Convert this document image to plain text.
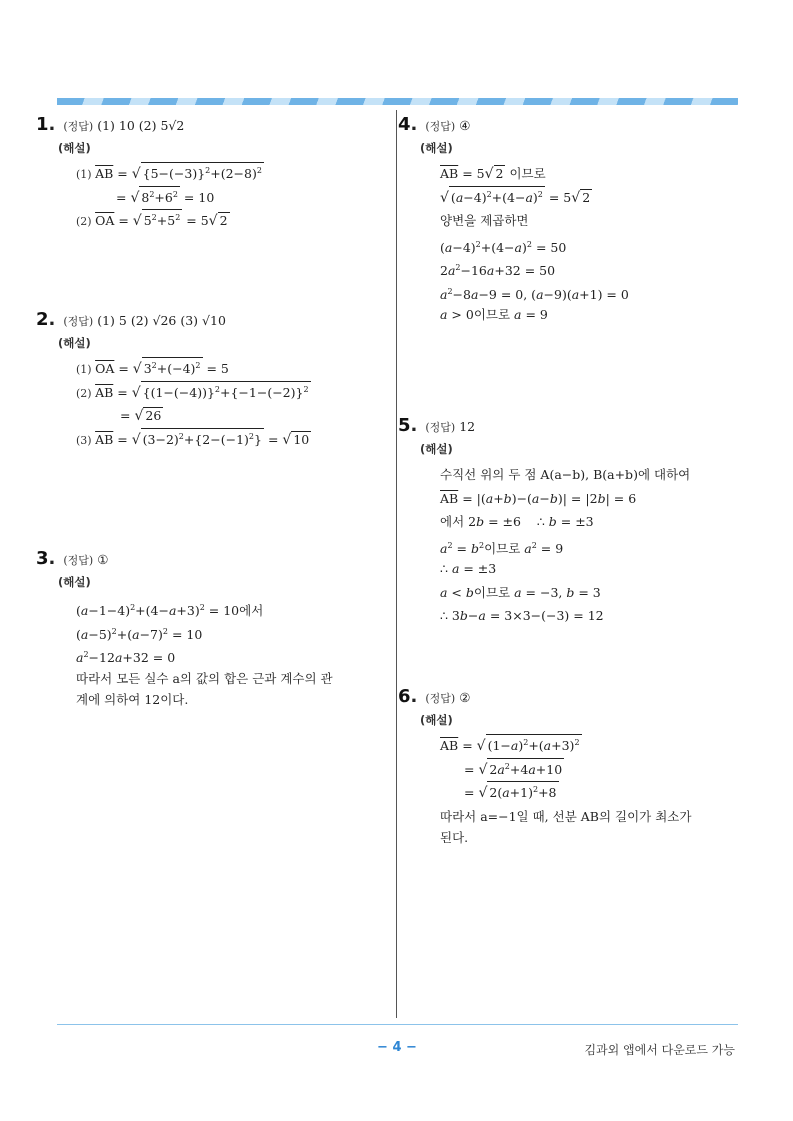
1 . (정답) (1) 10 (2) 5√2
(해설)
(1) $\overline{AB}$ = √ $\{5-(-3)\}^2+(2-8)^2$
= √ $8^2+6^2 = 10$
(2) $\overline{OA}$ = √ $5^2+5^2 = 5√$ 2
2 . (정답) (1) 5 (2) √26 (3) √10
(해설)
(1) $\overline{OA}$ = √ $3^2+(-4)^2 = 5$
(2) $\overline{AB}$ = √ $\{(1-(-4))\}^2+\{-1-(-2)\}^2$
= √ 26
(3) $\overline{AB}$ = √ $(3-2)^2+\{2-(-1)^2\}$ = √ 10
3 . (정답) ①
(해설)
$(a-1-4)^2+(4-a+3)^2 = 10$에서
$(a-5)^2+(a-7)^2 = 10$
$a^2-12a+32 = 0$
따라서 모든 실수 a의 값의 합은 근과 계수의 관
계에 의하여 12이다.
4 . (정답) ④
(해설)
$\overline{AB} = 5√$ 2 이므로
√ $(a-4)^2+(4-a)^2 = 5√$ 2
양변을 제곱하면
$(a-4)^2+(4-a)^2 = 50$
$2a^2-16a+32 = 50$
$a^2-8a-9 = 0$, (a−9)(a+1) = 0
a > 0이므로 a = 9
5 . (정답) 12
(해설)
수직선 위의 두 점 A(a−b), B(a+b)에 대하여
$\overline{AB} = |(a+b)-(a-b)| = |2b| = 6$
에서 2b = ±6    ∴ b = ±3
$a^2 = b^2$이므로 $a^2 = 9$
∴ a = ±3
a < b이므로 a = −3, b = 3
∴ 3b−a = 3×3−(−3) = 12
6 . (정답) ②
(해설)
$\overline{AB}$ = √ $(1-a)^2+(a+3)^2$
= √ $2a^2+4a+10$
= √ $2(a+1)^2+8$
따라서 a=−1일 때, 선분 AB의 길이가 최소가
된다.
− 4 −	김과외 앱에서 다운로드 가능
